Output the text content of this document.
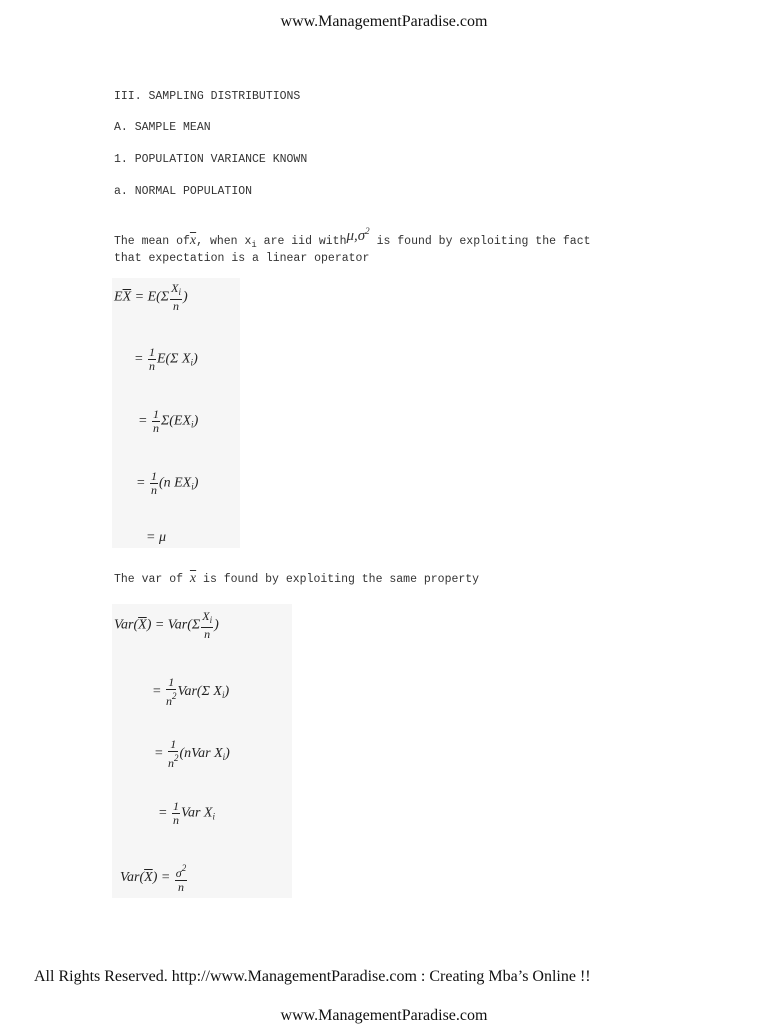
www.ManagementParadise.com
III. SAMPLING DISTRIBUTIONS
A. SAMPLE MEAN
1. POPULATION VARIANCE KNOWN
a. NORMAL POPULATION
The mean $of\overline{x}$, when $x_i$ are iid $with\mu,\sigma^2$ is found by exploiting the fact
that expectation is a linear operator
$E\overline{X} = E(\Sigma \frac{X_i}{n}$ )
= $\frac{1}{n} E(\Sigma$ $X_i$)
= $\frac{1}{n} \Sigma(EX_i)$
= $\frac{1}{n} (n$ $EX_i$)
= μ
The var of $\overline{x}$ is found by exploiting the same property
$Var(\overline{X}) = Var(\Sigma \frac{X_i}{n}$ )
= $\frac{1}{n^2} Var(\Sigma$ $X_i$)
= $\frac{1}{n^2}$ (nVar $X_i$)
= $\frac{1}{n}$ Var $X_i$
$Var(\overline{X}) = \frac{\sigma^2}{n}$
All Rights Reserved. http://www.ManagementParadise.com : Creating Mba’s Online !!
www.ManagementParadise.com
